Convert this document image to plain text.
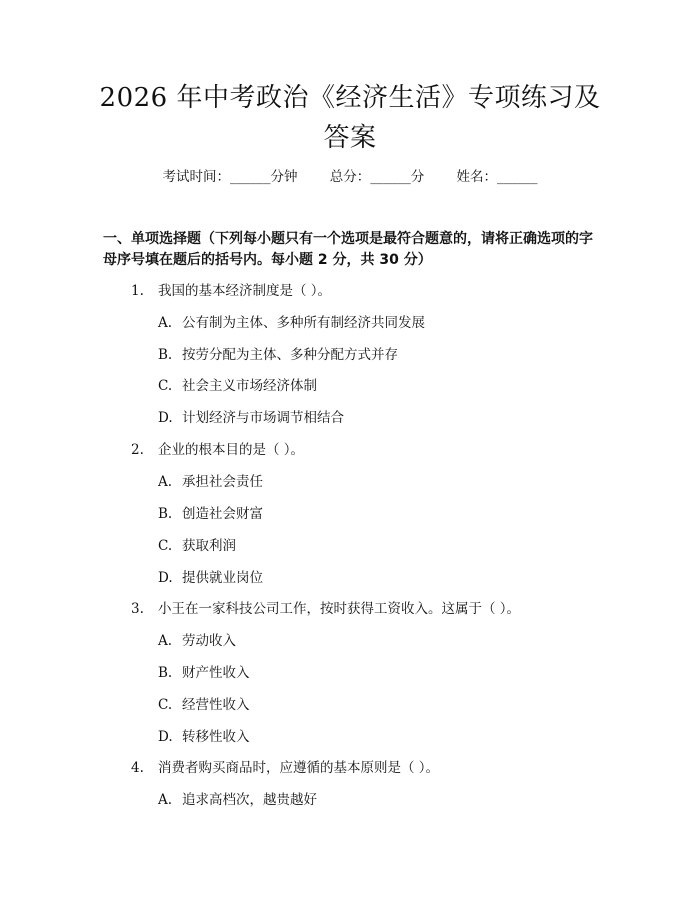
2026 年中考政治《经济生活》专项练习及答案
考试时间：______分钟 总分：______分 姓名：______
一、单项选择题（下列每小题只有一个选项是最符合题意的，请将正确选项的字母序号填在题后的括号内。每小题 2 分，共 30 分）
1. 我国的基本经济制度是（ ）。
A. 公有制为主体、多种所有制经济共同发展
B. 按劳分配为主体、多种分配方式并存
C. 社会主义市场经济体制
D. 计划经济与市场调节相结合
2. 企业的根本目的是（ ）。
A. 承担社会责任
B. 创造社会财富
C. 获取利润
D. 提供就业岗位
3. 小王在一家科技公司工作，按时获得工资收入。这属于（ ）。
A. 劳动收入
B. 财产性收入
C. 经营性收入
D. 转移性收入
4. 消费者购买商品时，应遵循的基本原则是（ ）。
A. 追求高档次，越贵越好
